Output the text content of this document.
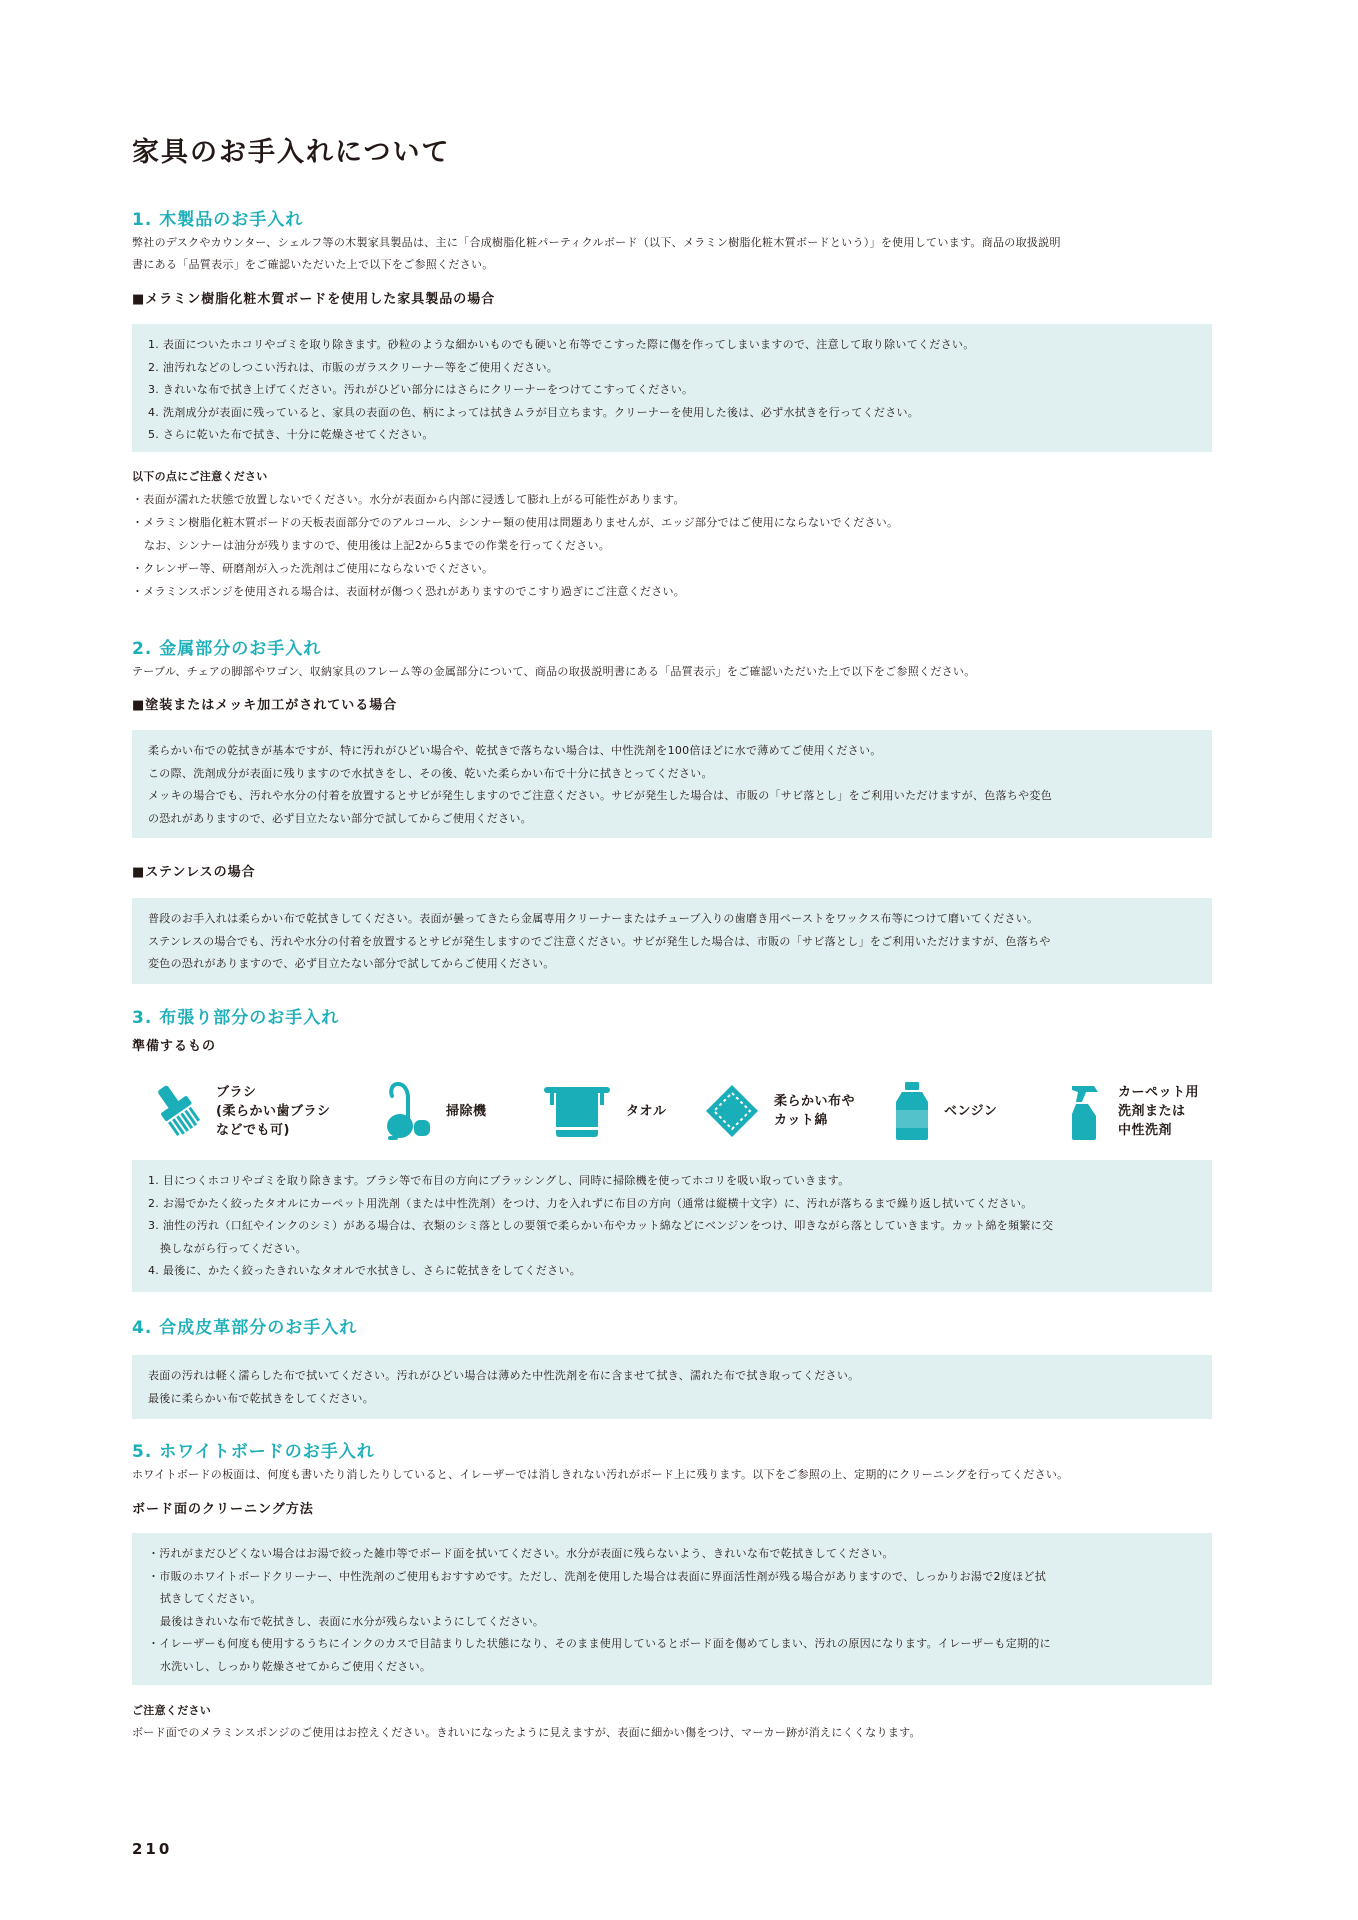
家具のお手入れについて
1. 木製品のお手入れ

弊社のデスクやカウンター、シェルフ等の木製家具製品は、主に「合成樹脂化粧パーティクルボード（以下、メラミン樹脂化粧木質ボードという）」を使用しています。商品の取扱説明

書にある「品質表示」をご確認いただいた上で以下をご参照ください。

■メラミン樹脂化粧木質ボードを使用した家具製品の場合

1. 表面についたホコリやゴミを取り除きます。砂粒のような細かいものでも硬いと布等でこすった際に傷を作ってしまいますので、注意して取り除いてください。

2. 油汚れなどのしつこい汚れは、市販のガラスクリーナー等をご使用ください。

3. きれいな布で拭き上げてください。汚れがひどい部分にはさらにクリーナーをつけてこすってください。

4. 洗剤成分が表面に残っていると、家具の表面の色、柄によっては拭きムラが目立ちます。クリーナーを使用した後は、必ず水拭きを行ってください。

5. さらに乾いた布で拭き、十分に乾燥させてください。

以下の点にご注意ください

・表面が濡れた状態で放置しないでください。水分が表面から内部に浸透して膨れ上がる可能性があります。

・メラミン樹脂化粧木質ボードの天板表面部分でのアルコール、シンナー類の使用は問題ありませんが、エッジ部分ではご使用にならないでください。

なお、シンナーは油分が残りますので、使用後は上記2から5までの作業を行ってください。

・クレンザー等、研磨剤が入った洗剤はご使用にならないでください。

・メラミンスポンジを使用される場合は、表面材が傷つく恐れがありますのでこすり過ぎにご注意ください。

2. 金属部分のお手入れ

テーブル、チェアの脚部やワゴン、収納家具のフレーム等の金属部分について、商品の取扱説明書にある「品質表示」をご確認いただいた上で以下をご参照ください。

■塗装またはメッキ加工がされている場合

柔らかい布での乾拭きが基本ですが、特に汚れがひどい場合や、乾拭きで落ちない場合は、中性洗剤を100倍ほどに水で薄めてご使用ください。

この際、洗剤成分が表面に残りますので水拭きをし、その後、乾いた柔らかい布で十分に拭きとってください。

メッキの場合でも、汚れや水分の付着を放置するとサビが発生しますのでご注意ください。サビが発生した場合は、市販の「サビ落とし」をご利用いただけますが、色落ちや変色

の恐れがありますので、必ず目立たない部分で試してからご使用ください。

■ステンレスの場合

普段のお手入れは柔らかい布で乾拭きしてください。表面が曇ってきたら金属専用クリーナーまたはチューブ入りの歯磨き用ペーストをワックス布等につけて磨いてください。

ステンレスの場合でも、汚れや水分の付着を放置するとサビが発生しますのでご注意ください。サビが発生した場合は、市販の「サビ落とし」をご利用いただけますが、色落ちや

変色の恐れがありますので、必ず目立たない部分で試してからご使用ください。

3. 布張り部分のお手入れ

準備するもの

ブラシ
(柔らかい歯ブラシ
などでも可)
掃除機	タオル
柔らかい布や
カット綿
ベンジン
カーペット用
洗剤または
中性洗剤

1. 目につくホコリやゴミを取り除きます。ブラシ等で布目の方向にブラッシングし、同時に掃除機を使ってホコリを吸い取っていきます。

2. お湯でかたく絞ったタオルにカーペット用洗剤（または中性洗剤）をつけ、力を入れずに布目の方向（通常は縦横十文字）に、汚れが落ちるまで繰り返し拭いてください。

3. 油性の汚れ（口紅やインクのシミ）がある場合は、衣類のシミ落としの要領で柔らかい布やカット綿などにベンジンをつけ、叩きながら落としていきます。カット綿を頻繁に交

換しながら行ってください。

4. 最後に、かたく絞ったきれいなタオルで水拭きし、さらに乾拭きをしてください。

4. 合成皮革部分のお手入れ

表面の汚れは軽く濡らした布で拭いてください。汚れがひどい場合は薄めた中性洗剤を布に含ませて拭き、濡れた布で拭き取ってください。

最後に柔らかい布で乾拭きをしてください。

5. ホワイトボードのお手入れ

ホワイトボードの板面は、何度も書いたり消したりしていると、イレーザーでは消しきれない汚れがボード上に残ります。以下をご参照の上、定期的にクリーニングを行ってください。

ボード面のクリーニング方法

・汚れがまだひどくない場合はお湯で絞った雑巾等でボード面を拭いてください。水分が表面に残らないよう、きれいな布で乾拭きしてください。

・市販のホワイトボードクリーナー、中性洗剤のご使用もおすすめです。ただし、洗剤を使用した場合は表面に界面活性剤が残る場合がありますので、しっかりお湯で2度ほど拭

拭きしてください。

最後はきれいな布で乾拭きし、表面に水分が残らないようにしてください。

・イレーザーも何度も使用するうちにインクのカスで目詰まりした状態になり、そのまま使用しているとボード面を傷めてしまい、汚れの原因になります。イレーザーも定期的に

水洗いし、しっかり乾燥させてからご使用ください。

ご注意ください

ボード面でのメラミンスポンジのご使用はお控えください。きれいになったように見えますが、表面に細かい傷をつけ、マーカー跡が消えにくくなります。

210
